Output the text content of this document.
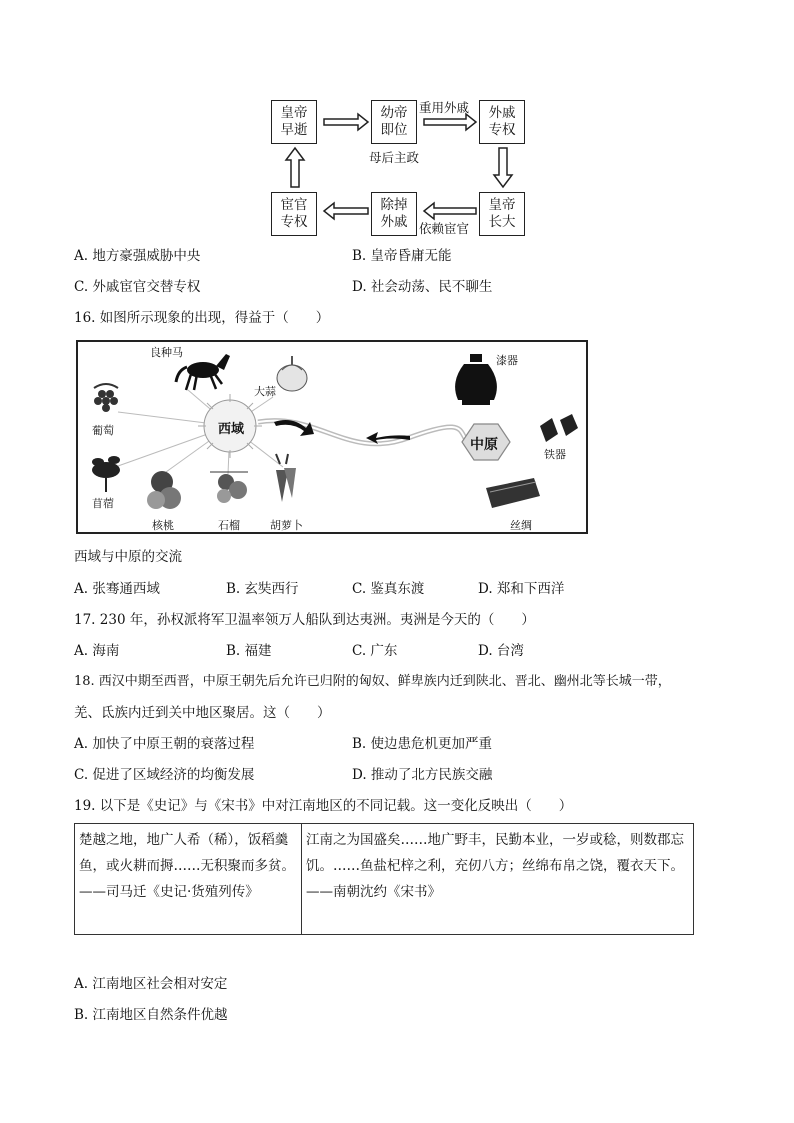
皇帝
早逝
幼帝
即位
外戚
专权
皇帝
长大
除掉
外戚
宦官
专权
重用外戚
母后主政
依赖宦官
A. 地方豪强威胁中央	B. 皇帝昏庸无能
C. 外戚宦官交替专权	D. 社会动荡、民不聊生
16. 如图所示现象的出现，得益于（　　）
西域
中原
良种马
大蒜
葡萄
苜蓿
核桃	石榴	胡萝卜
漆器
铁器
丝绸
西域与中原的交流
A. 张骞通西域	B. 玄奘西行	C. 鉴真东渡	D. 郑和下西洋
17. 230 年，孙权派将军卫温率领万人船队到达夷洲。夷洲是今天的（　　）
A. 海南	B. 福建	C. 广东	D. 台湾
18. 西汉中期至西晋，中原王朝先后允许已归附的匈奴、鲜卑族内迁到陕北、晋北、幽州北等长城一带，
羌、氐族内迁到关中地区聚居。这（　　）
A. 加快了中原王朝的衰落过程	B. 使边患危机更加严重
C. 促进了区域经济的均衡发展	D. 推动了北方民族交融
19. 以下是《史记》与《宋书》中对江南地区的不同记载。这一变化反映出（　　）
楚越之地，地广人希（稀），饭稻羹鱼，或火耕而搙……无积聚而多贫。
——司马迁《史记·货殖列传》

江南之为国盛矣……地广野丰，民勤本业，一岁或稔，则数郡忘饥。……鱼盐杞梓之利，充仞八方；丝绵布帛之饶，覆衣天下。
——南朝沈约《宋书》
A. 江南地区社会相对安定
B. 江南地区自然条件优越
